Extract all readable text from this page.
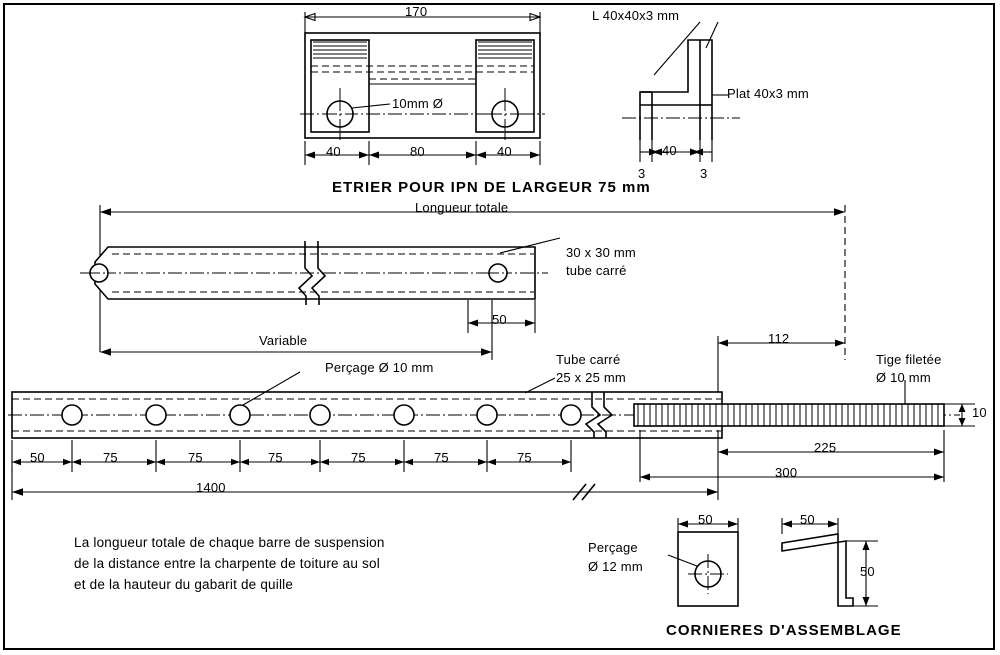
170
10mm Ø
40	80	40
ETRIER POUR IPN DE LARGEUR 75 mm
L 40x40x3 mm
Plat 40x3 mm
40
3	3
Longueur totale
30 x 30 mm
tube carré
50
Variable
Perçage Ø 10 mm
Tube carré
25 x 25 mm
Tige filetée
Ø 10 mm
112
10
225
300
1400
50	75	75	75	75	75	75
La longueur totale de chaque barre de suspension
de la distance entre la charpente de toiture au sol
et de la hauteur du gabarit de quille
Perçage
Ø 12 mm
50	50
50
CORNIERES D'ASSEMBLAGE
